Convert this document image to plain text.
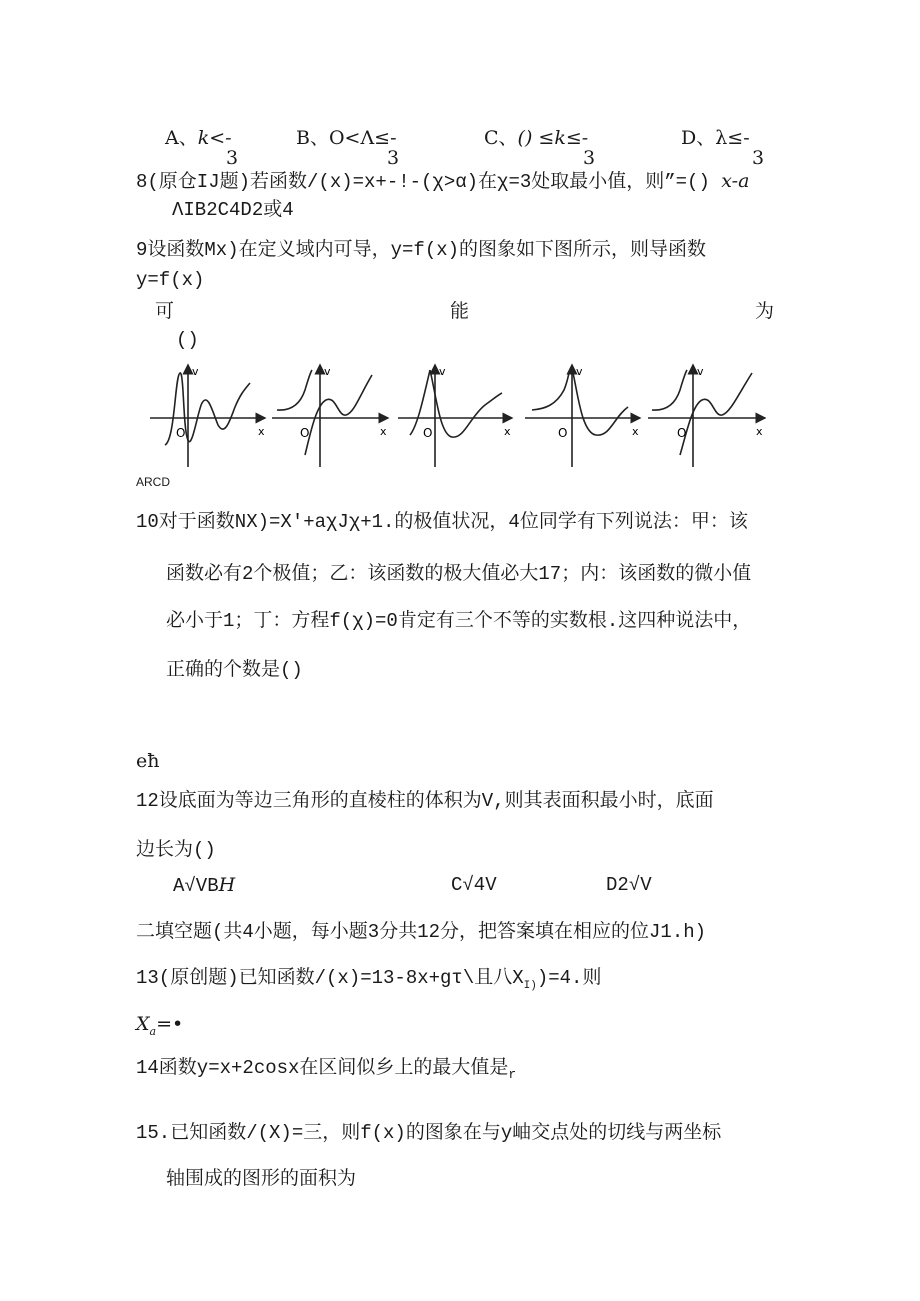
A、k<-
3
B、O<Λ≤-
3
C、() ≤k≤-
3
D、λ≤-
3
8(原仓IJ题)若函数/(x)=x+-!-(χ>α)在χ=3处取最小值，则”=() x-a
ΛIB2C4D2或4
9设函数Mx)在定义域内可导，y=f(x)的图象如下图所示，则导函数
y=f(x)
可	能	为
()
v
x
O
v
x
O
v
x
O
v
x
O
v
x
O
ARCD
10对于函数NX)=X'+aχJχ+1.的极值状况，4位同学有下列说法：甲：该
函数必有2个极值；乙：该函数的极大值必大17；内：该函数的微小值
必小于1；丁：方程f(χ)=0肯定有三个不等的实数根.这四种说法中，
正确的个数是()
eħ
12设底面为等边三角形的直棱柱的体积为V,则其表面积最小时，底面
边长为()
A√VBH	C√4V	D2√V
二填空题(共4小题，每小题3分共12分，把答案填在相应的位J1.h)
13(原创题)已知函数/(x)=13-8x+gτ\且八$X_{I)})=4$.则
$X_a=•$
14函数y=x+2cosx在区间似乡上的最大值是$_r$
15.已知函数/(X)=三，则f(x)的图象在与y岫交点处的切线与两坐标
轴围成的图形的面积为
